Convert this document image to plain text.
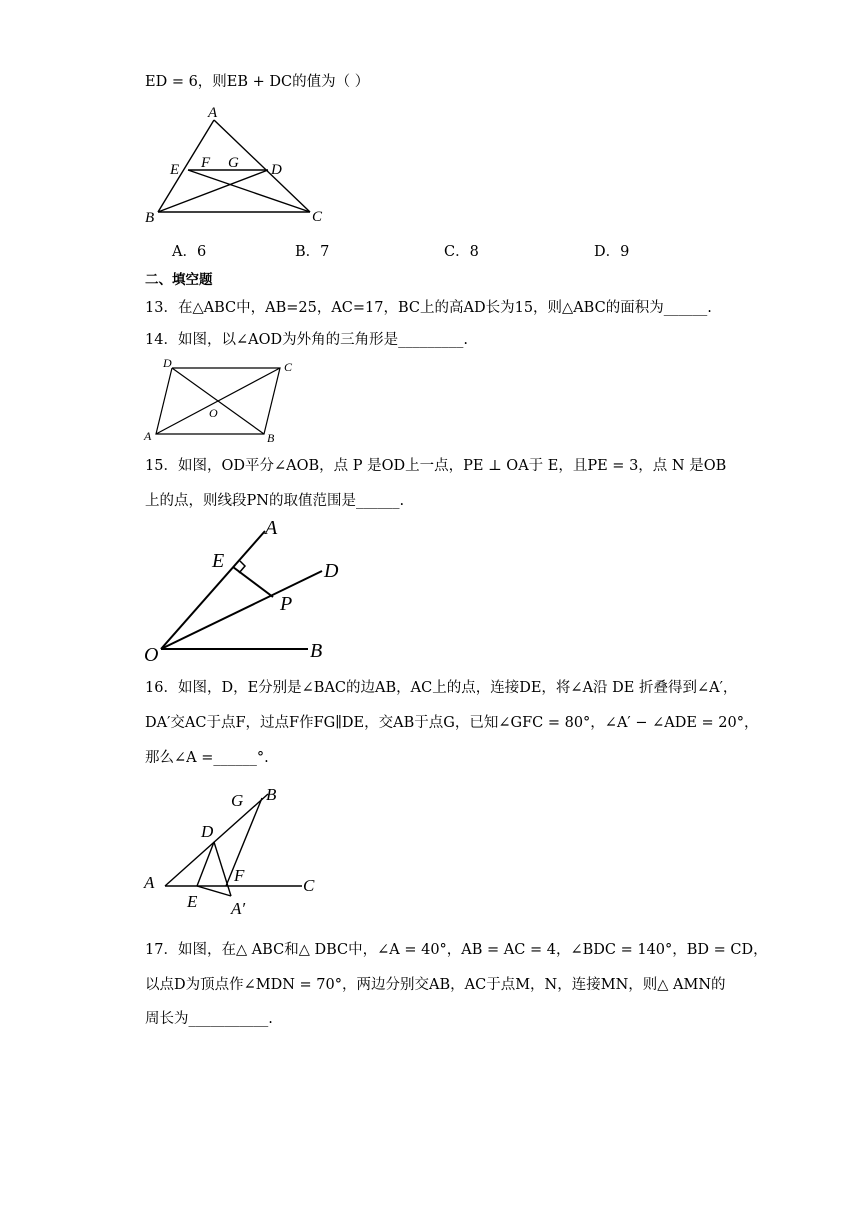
ED = 6，则EB + DC的值为（ ）
A
E F G D
B	C
A．6	B．7	C．8	D．9
二、填空题
13．在△ABC中，AB=25，AC=17，BC上的高AD长为15，则△ABC的面积为______.
14．如图，以∠AOD为外角的三角形是_________.
D	C
O
A	B
15．如图，OD平分∠AOB，点 P 是OD上一点，PE ⊥ OA于 E，且PE = 3，点 N 是OB
上的点，则线段PN的取值范围是______.
A
E	D
P
O	B
16．如图，D，E分别是∠BAC的边AB，AC上的点，连接DE，将∠A沿 DE 折叠得到∠A′，
DA′交AC于点F，过点F作FG∥DE，交AB于点G，已知∠GFC = 80°，∠A′ − ∠ADE = 20°，
那么∠A =______°.
G B
D
A	F
C
E A′
17．如图，在△ ABC和△ DBC中，∠A = 40°，AB = AC = 4，∠BDC = 140°，BD = CD，
以点D为顶点作∠MDN = 70°，两边分别交AB，AC于点M，N，连接MN，则△ AMN的
周长为___________.
